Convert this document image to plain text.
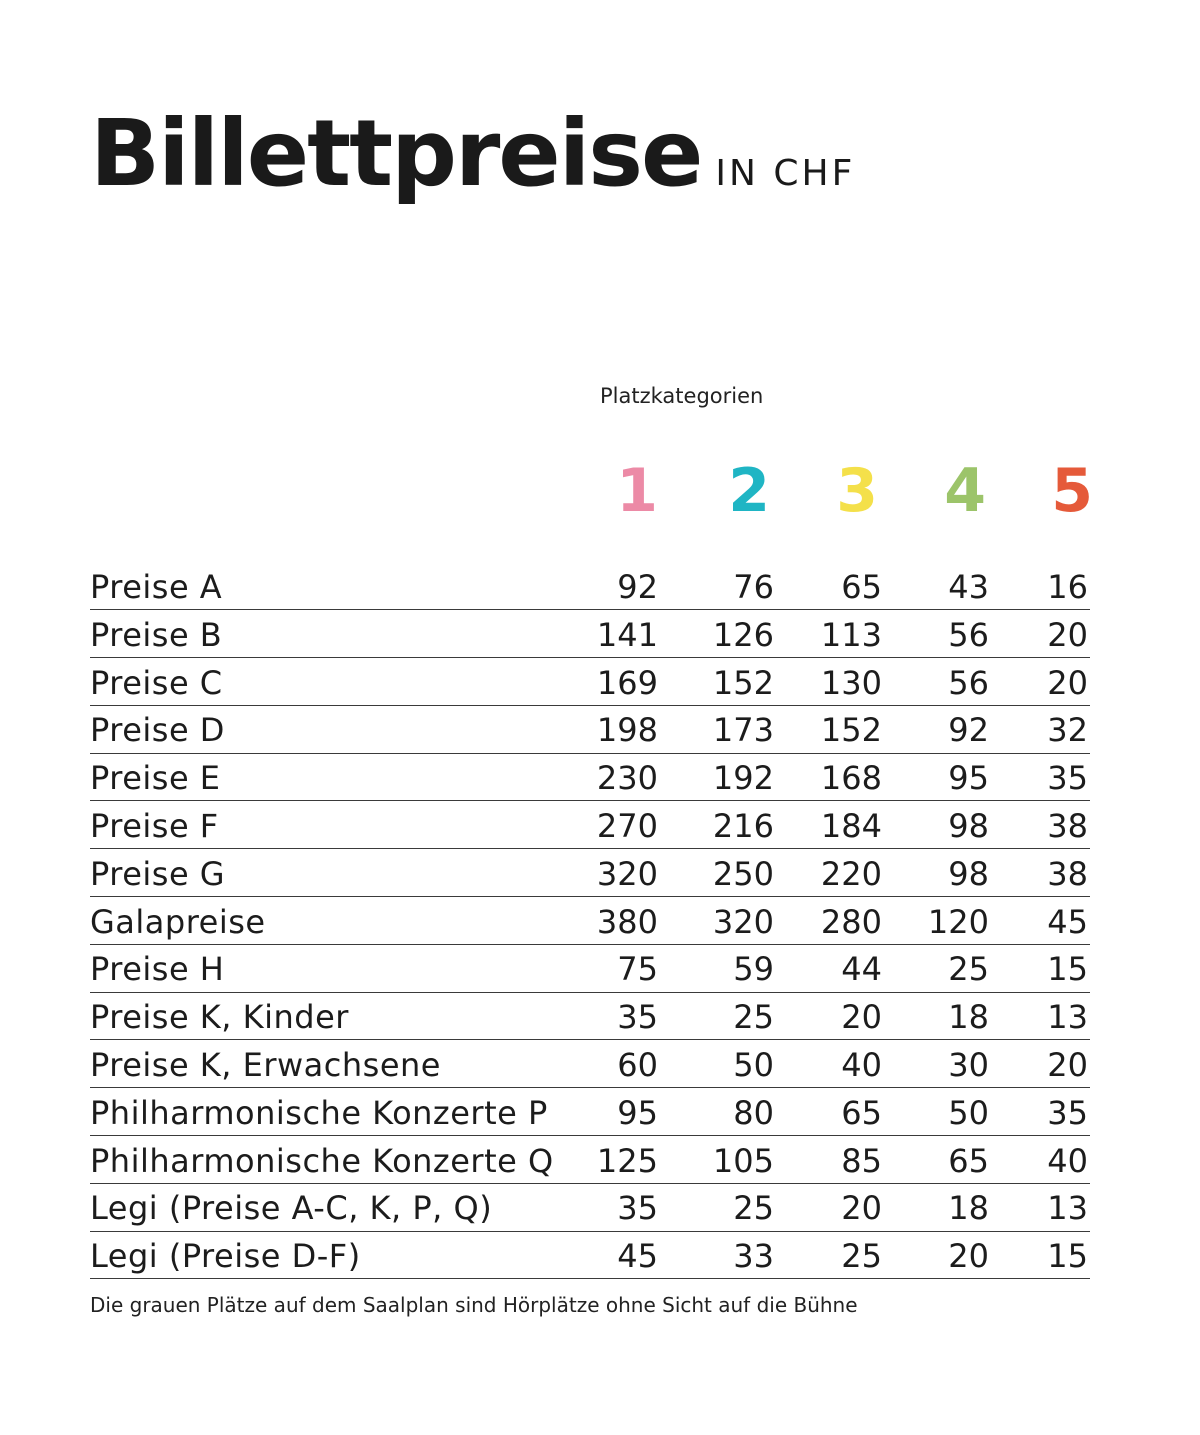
Billettpreise IN CHF
Platzkategorien
1	2	3	4	5
Preise A	92	76	65	43	16
Preise B	141	126	113	56	20
Preise C	169	152	130	56	20
Preise D	198	173	152	92	32
Preise E	230	192	168	95	35
Preise F	270	216	184	98	38
Preise G	320	250	220	98	38
Galapreise	380	320	280	120	45
Preise H	75	59	44	25	15
Preise K, Kinder	35	25	20	18	13
Preise K, Erwachsene	60	50	40	30	20
Philharmonische Konzerte P	95	80	65	50	35
Philharmonische Konzerte Q	125	105	85	65	40
Legi (Preise A-C, K, P, Q)	35	25	20	18	13
Legi (Preise D-F)	45	33	25	20	15
Die grauen Plätze auf dem Saalplan sind Hörplätze ohne Sicht auf die Bühne
